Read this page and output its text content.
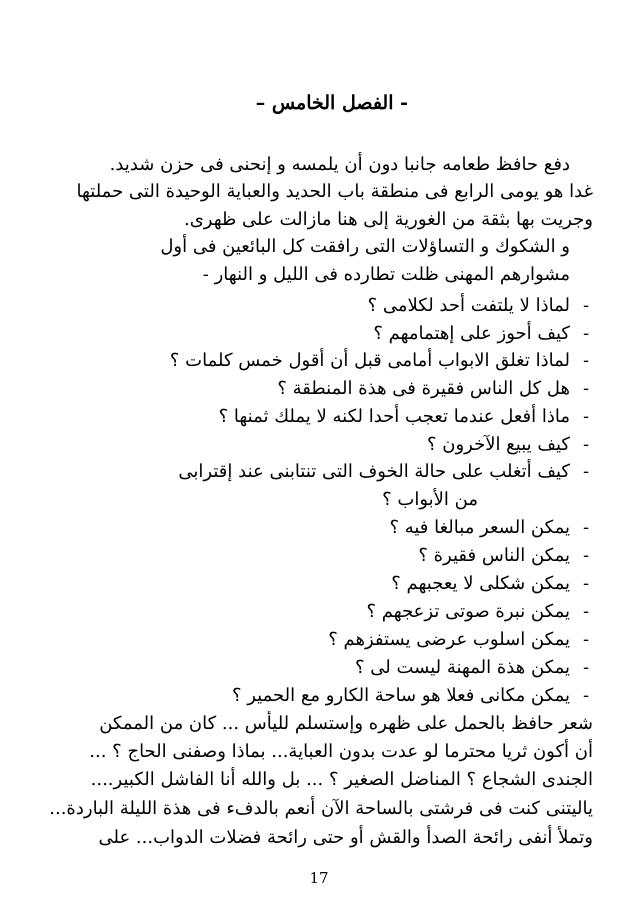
- الفصل الخامس –
دفع حافظ طعامه جانبا دون أن يلمسه و إنحنى فى حزن شديد.
غدا هو يومى الرابع فى منطقة باب الحديد والعباية الوحيدة التى حملتها
وجريت بها بثقة من الغورية إلى هنا مازالت على ظهرى.
و الشكوك و التساؤلات التى رافقت كل البائعين فى أول
مشوارهم المهنى ظلت تطارده فى الليل و النهار -
-
لماذا لا يلتفت أحد لكلامى ؟
-
كيف أحوز على إهتمامهم ؟
-
لماذا تغلق الابواب أمامى قبل أن أقول خمس كلمات ؟
-
هل كل الناس فقيرة فى هذة المنطقة ؟
-
ماذا أفعل عندما تعجب أحدا لكنه لا يملك ثمنها ؟
-
كيف يبيع الآخرون ؟
-
كيف أتغلب على حالة الخوف التى تنتابنى عند إقترابى
من الأبواب ؟
-
يمكن السعر مبالغا فيه ؟
-
يمكن الناس فقيرة ؟
-
يمكن شكلى لا يعجبهم ؟
-
يمكن نبرة صوتى تزعجهم ؟
-
يمكن اسلوب عرضى يستفزهم ؟
-
يمكن هذة المهنة ليست لى ؟
-
يمكن مكانى فعلا هو ساحة الكارو مع الحمير ؟
شعر حافظ بالحمل على ظهره وإستسلم لليأس ... كان من الممكن
أن أكون ثريا محترما لو عدت بدون العباية... بماذا وصفنى الحاج ؟ ...
الجندى الشجاع ؟ المناضل الصغير ؟ ... بل والله أنا الفاشل الكبير....
ياليتنى كنت فى فرشتى بالساحة الآن أنعم بالدفء فى هذة الليلة الباردة...
وتملأ أنفى رائحة الصدأ والقش أو حتى رائحة فضلات الدواب... على
17
